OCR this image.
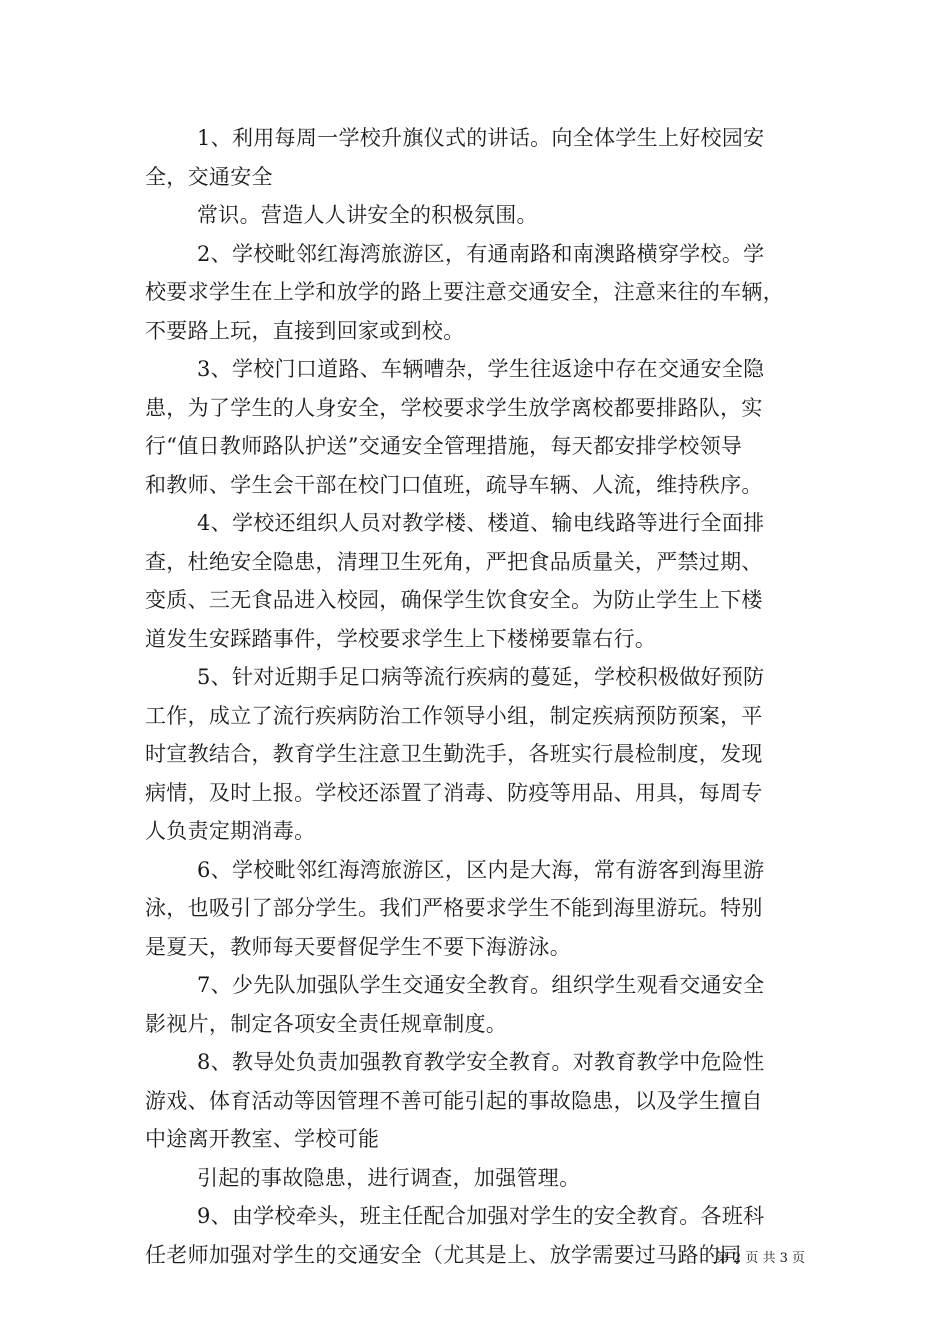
1、利用每周一学校升旗仪式的讲话。向全体学生上好校园安
全，交通安全
常识。营造人人讲安全的积极氛围。
2、学校毗邻红海湾旅游区，有通南路和南澳路横穿学校。学
校要求学生在上学和放学的路上要注意交通安全，注意来往的车辆，
不要路上玩，直接到回家或到校。
3、学校门口道路、车辆嘈杂，学生往返途中存在交通安全隐
患，为了学生的人身安全，学校要求学生放学离校都要排路队，实
行“值日教师路队护送”交通安全管理措施，每天都安排学校领导
和教师、学生会干部在校门口值班，疏导车辆、人流，维持秩序。
4、学校还组织人员对教学楼、楼道、输电线路等进行全面排
查，杜绝安全隐患，清理卫生死角，严把食品质量关，严禁过期、
变质、三无食品进入校园，确保学生饮食安全。为防止学生上下楼
道发生安踩踏事件，学校要求学生上下楼梯要靠右行。
5、针对近期手足口病等流行疾病的蔓延，学校积极做好预防
工作，成立了流行疾病防治工作领导小组，制定疾病预防预案，平
时宣教结合，教育学生注意卫生勤洗手，各班实行晨检制度，发现
病情，及时上报。学校还添置了消毒、防疫等用品、用具，每周专
人负责定期消毒。
6、学校毗邻红海湾旅游区，区内是大海，常有游客到海里游
泳，也吸引了部分学生。我们严格要求学生不能到海里游玩。特别
是夏天，教师每天要督促学生不要下海游泳。
7、少先队加强队学生交通安全教育。组织学生观看交通安全
影视片，制定各项安全责任规章制度。
8、教导处负责加强教育教学安全教育。对教育教学中危险性
游戏、体育活动等因管理不善可能引起的事故隐患，以及学生擅自
中途离开教室、学校可能
引起的事故隐患，进行调查，加强管理。
9、由学校牵头，班主任配合加强对学生的安全教育。各班科
任老师加强对学生的交通安全（尤其是上、放学需要过马路的同
第 2 页 共 3 页
